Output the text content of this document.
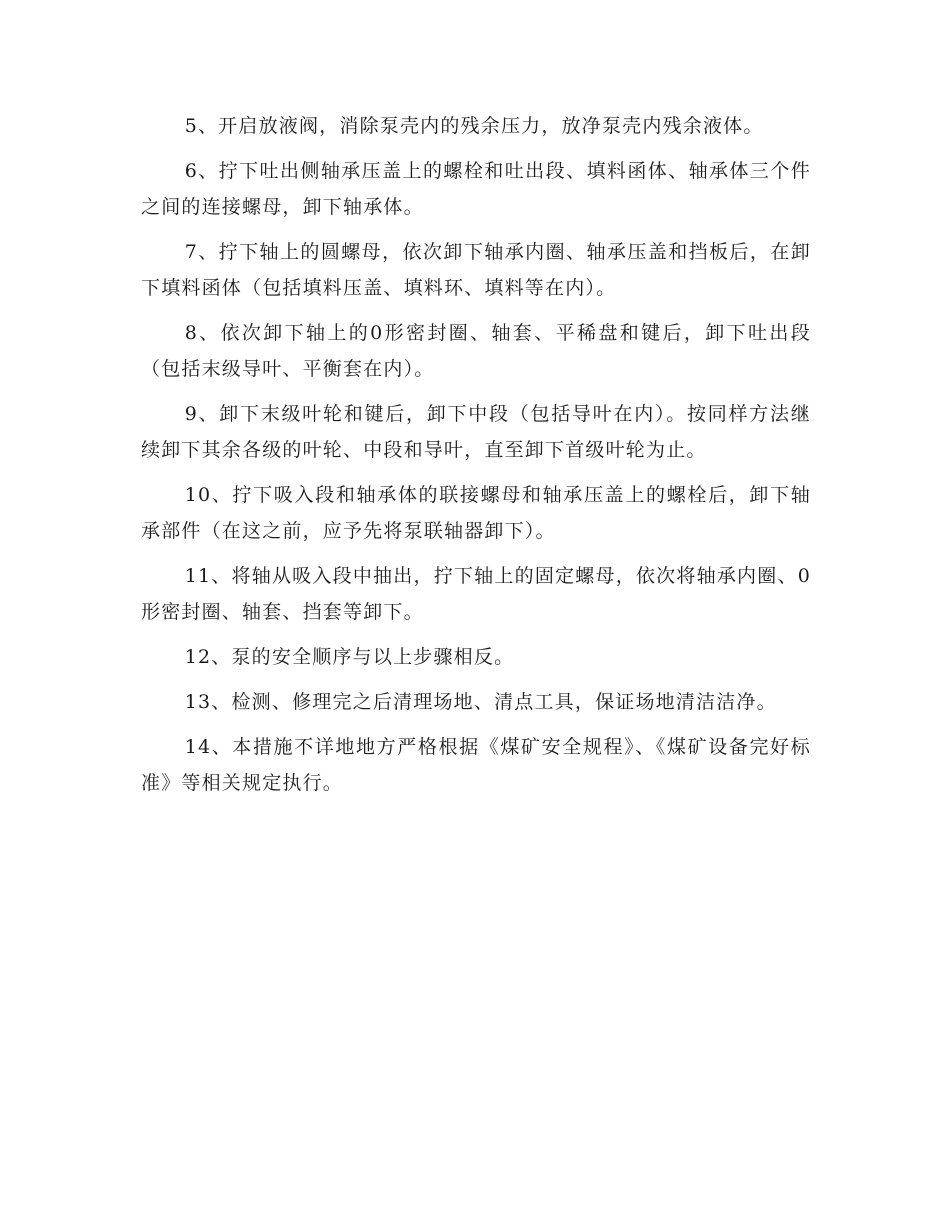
5、开启放液阀，消除泵壳内的残余压力，放净泵壳内残余液体。

6、拧下吐出侧轴承压盖上的螺栓和吐出段、填料函体、轴承体三个件之间的连接螺母，卸下轴承体。

7、拧下轴上的圆螺母，依次卸下轴承内圈、轴承压盖和挡板后，在卸下填料函体（包括填料压盖、填料环、填料等在内）。

8、依次卸下轴上的0形密封圈、轴套、平稀盘和键后，卸下吐出段（包括末级导叶、平衡套在内）。

9、卸下末级叶轮和键后，卸下中段（包括导叶在内）。按同样方法继续卸下其余各级的叶轮、中段和导叶，直至卸下首级叶轮为止。

10、拧下吸入段和轴承体的联接螺母和轴承压盖上的螺栓后，卸下轴承部件（在这之前，应予先将泵联轴器卸下）。

11、将轴从吸入段中抽出，拧下轴上的固定螺母，依次将轴承内圈、0形密封圈、轴套、挡套等卸下。

12、泵的安全顺序与以上步骤相反。

13、检测、修理完之后清理场地、清点工具，保证场地清洁洁净。

14、本措施不详地地方严格根据《煤矿安全规程》、《煤矿设备完好标准》等相关规定执行。
